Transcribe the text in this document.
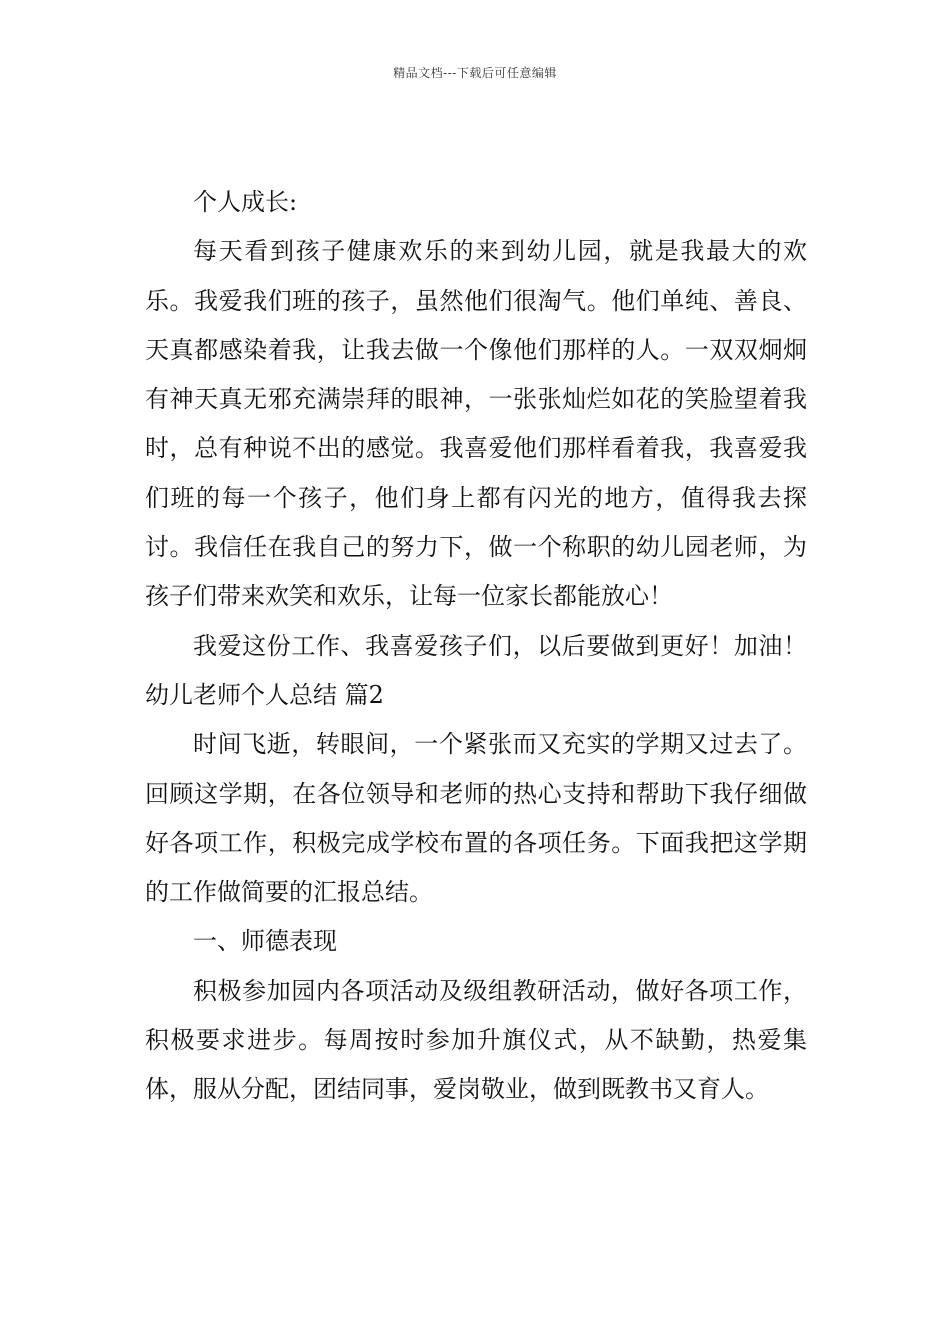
精品文档---下载后可任意编辑

个人成长:

每天看到孩子健康欢乐的来到幼儿园，就是我最大的欢乐。我爱我们班的孩子，虽然他们很淘气。他们单纯、善良、天真都感染着我，让我去做一个像他们那样的人。一双双炯炯有神天真无邪充满崇拜的眼神，一张张灿烂如花的笑脸望着我时，总有种说不出的感觉。我喜爱他们那样看着我，我喜爱我们班的每一个孩子，他们身上都有闪光的地方，值得我去探讨。我信任在我自己的努力下，做一个称职的幼儿园老师，为孩子们带来欢笑和欢乐，让每一位家长都能放心！

我爱这份工作、我喜爱孩子们，以后要做到更好！加油！幼儿老师个人总结 篇2

时间飞逝，转眼间，一个紧张而又充实的学期又过去了。回顾这学期，在各位领导和老师的热心支持和帮助下我仔细做好各项工作，积极完成学校布置的各项任务。下面我把这学期的工作做简要的汇报总结。

一、师德表现

积极参加园内各项活动及级组教研活动，做好各项工作，积极要求进步。每周按时参加升旗仪式，从不缺勤，热爱集体，服从分配，团结同事，爱岗敬业，做到既教书又育人。
